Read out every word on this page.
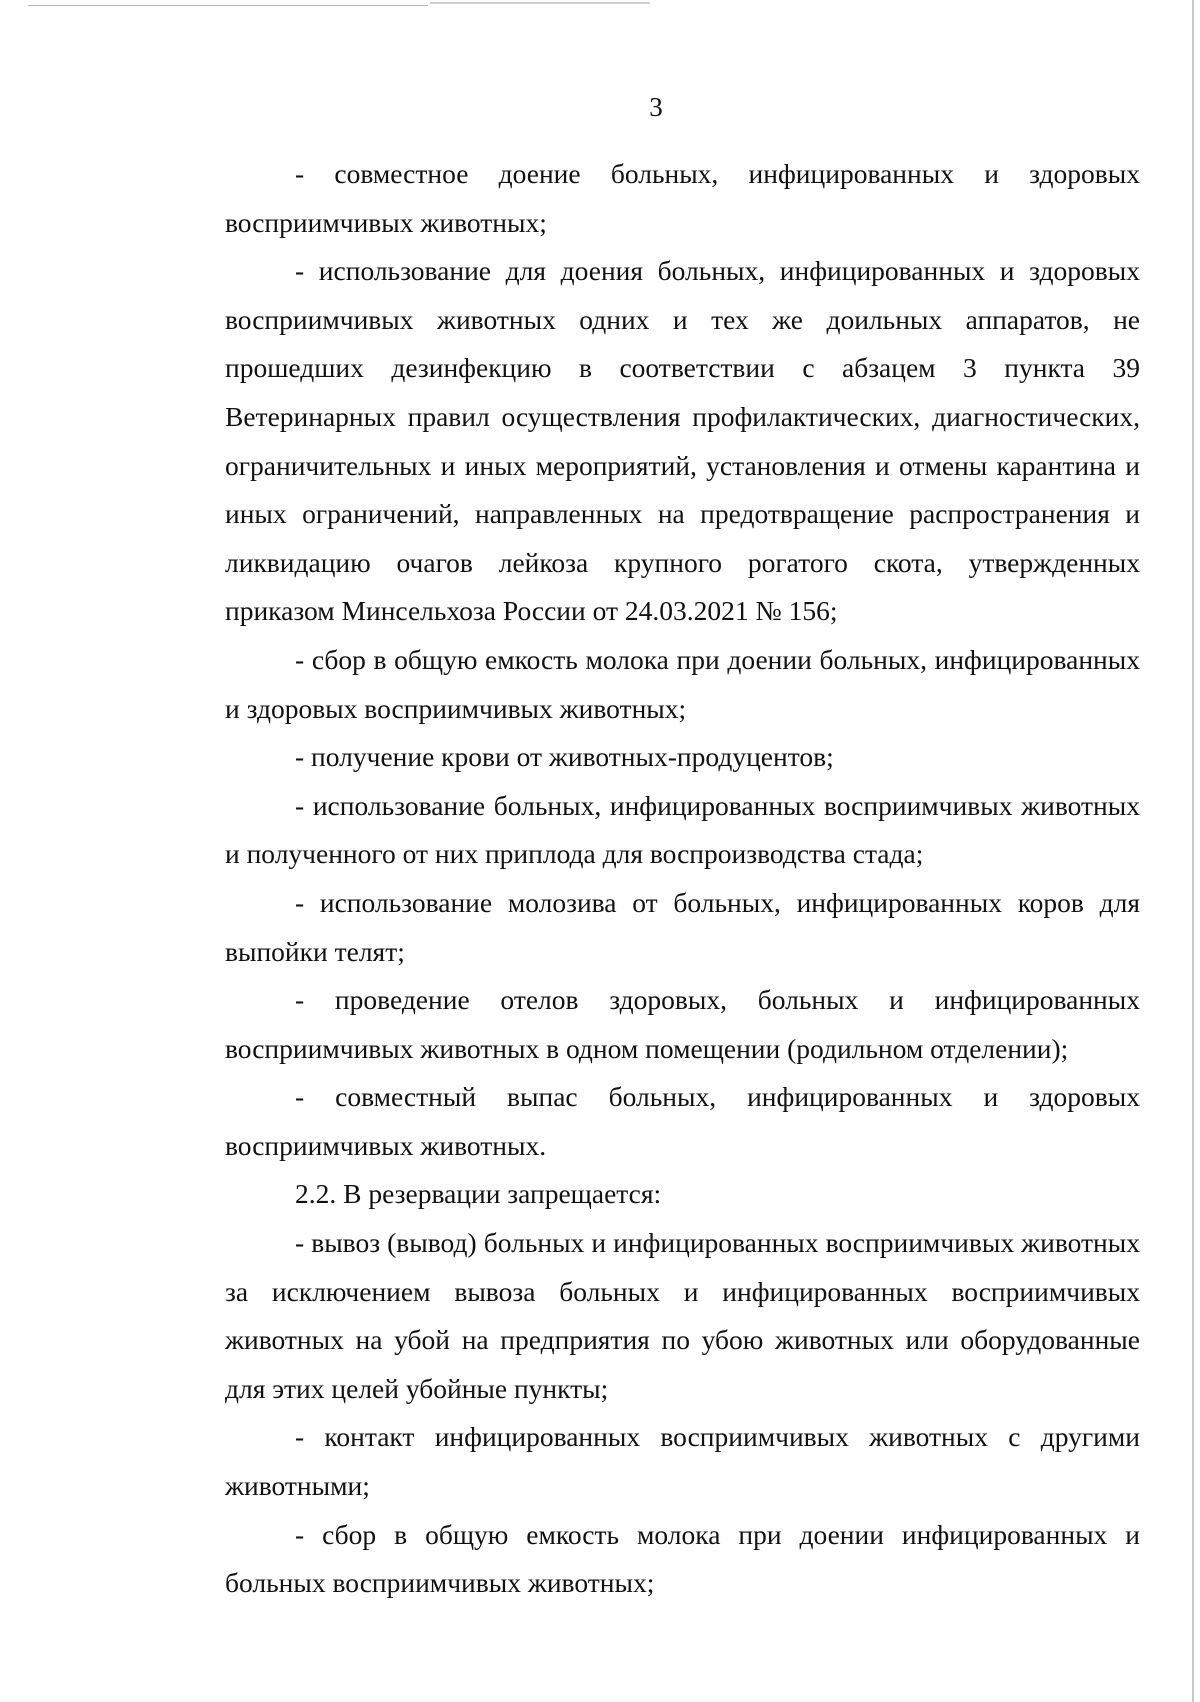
3

- совместное доение больных, инфицированных и здоровых восприимчивых животных;

- использование для доения больных, инфицированных и здоровых восприимчивых животных одних и тех же доильных аппаратов, не прошедших дезинфекцию в соответствии с абзацем 3 пункта 39 Ветеринарных правил осуществления профилактических, диагностических, ограничительных и иных мероприятий, установления и отмены карантина и иных ограничений, направленных на предотвращение распространения и ликвидацию очагов лейкоза крупного рогатого скота, утвержденных приказом Минсельхоза России от 24.03.2021 № 156;

- сбор в общую емкость молока при доении больных, инфицированных и здоровых восприимчивых животных;

- получение крови от животных-продуцентов;

- использование больных, инфицированных восприимчивых животных и полученного от них приплода для воспроизводства стада;

- использование молозива от больных, инфицированных коров для выпойки телят;

- проведение отелов здоровых, больных и инфицированных восприимчивых животных в одном помещении (родильном отделении);

- совместный выпас больных, инфицированных и здоровых восприимчивых животных.

2.2. В резервации запрещается:

- вывоз (вывод) больных и инфицированных восприимчивых животных за исключением вывоза больных и инфицированных восприимчивых животных на убой на предприятия по убою животных или оборудованные для этих целей убойные пункты;

- контакт инфицированных восприимчивых животных с другими животными;

- сбор в общую емкость молока при доении инфицированных и больных восприимчивых животных;
